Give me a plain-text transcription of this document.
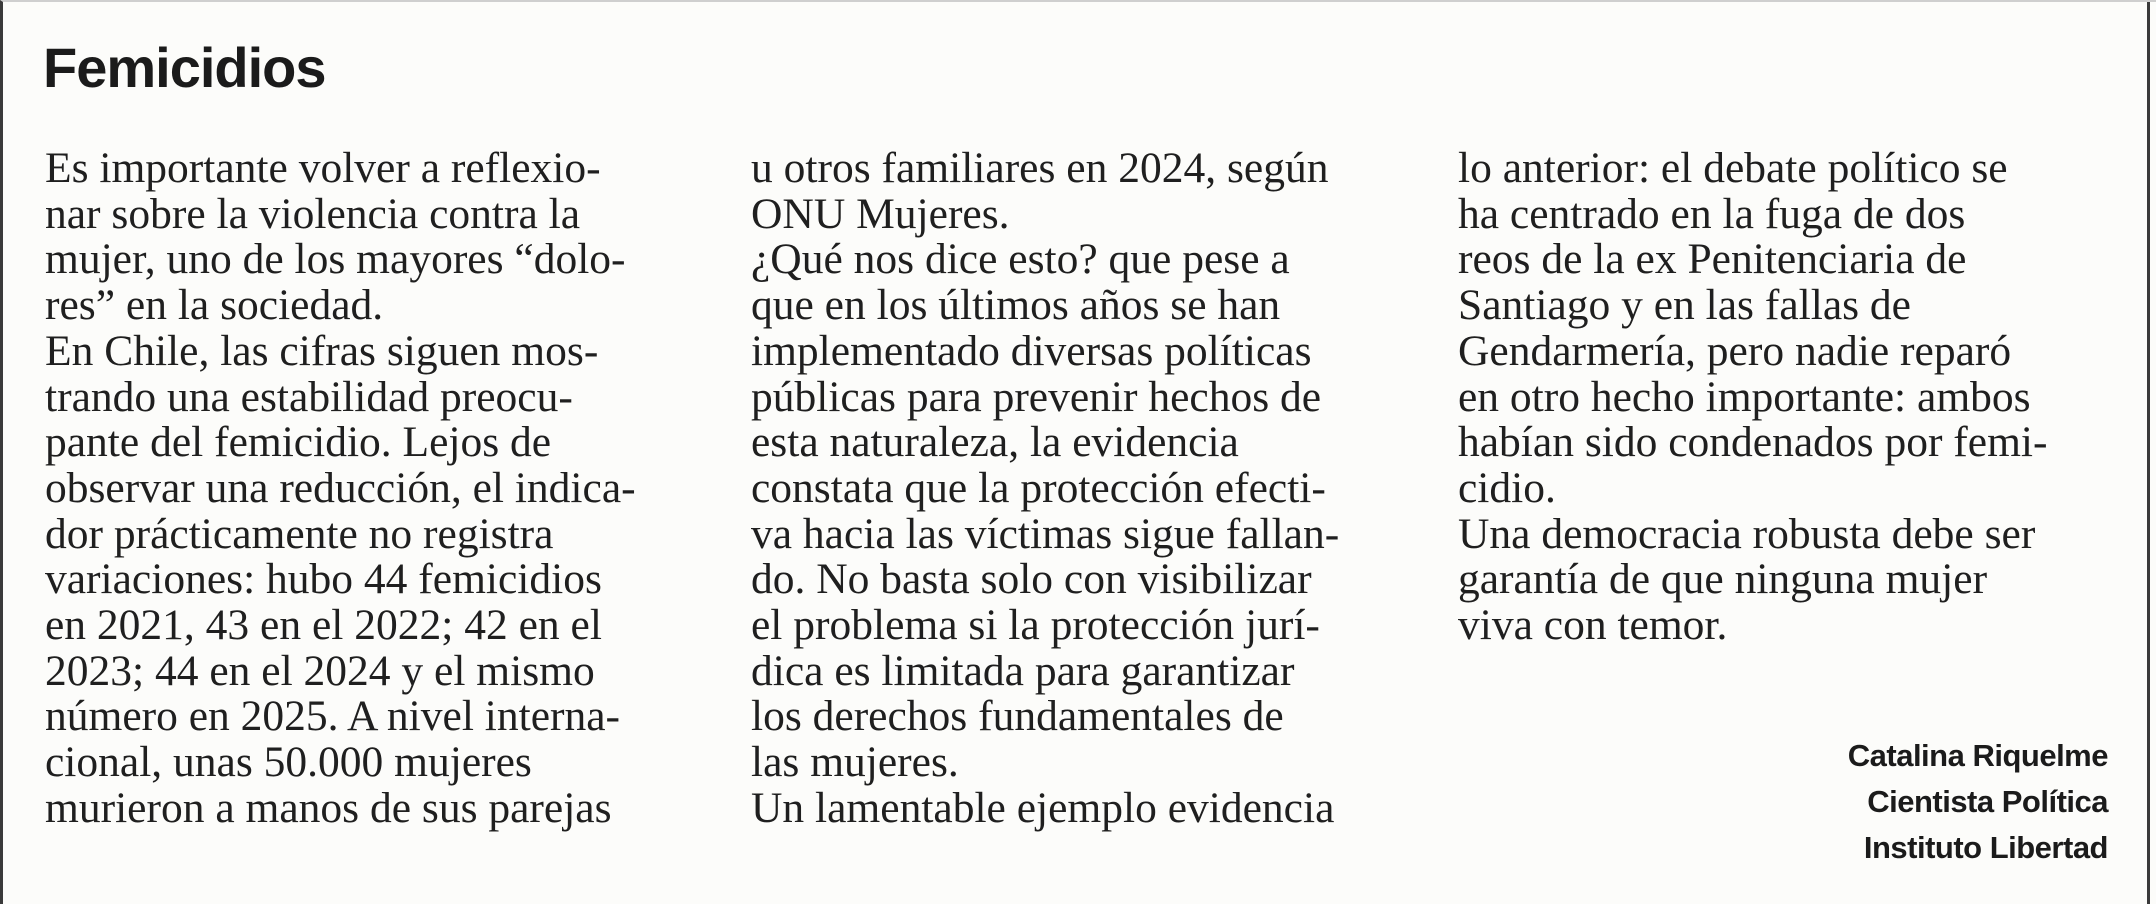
Femicidios
Es importante volver a reflexio-
nar sobre la violencia contra la
mujer, uno de los mayores “dolo-
res” en la sociedad.
En Chile, las cifras siguen mos-
trando una estabilidad preocu-
pante del femicidio. Lejos de
observar una reducción, el indica-
dor prácticamente no registra
variaciones: hubo 44 femicidios
en 2021, 43 en el 2022; 42 en el
2023; 44 en el 2024 y el mismo
número en 2025. A nivel interna-
cional, unas 50.000 mujeres
murieron a manos de sus parejas
u otros familiares en 2024, según
ONU Mujeres.
¿Qué nos dice esto? que pese a
que en los últimos años se han
implementado diversas políticas
públicas para prevenir hechos de
esta naturaleza, la evidencia
constata que la protección efecti-
va hacia las víctimas sigue fallan-
do. No basta solo con visibilizar
el problema si la protección jurí-
dica es limitada para garantizar
los derechos fundamentales de
las mujeres.
Un lamentable ejemplo evidencia
lo anterior: el debate político se
ha centrado en la fuga de dos
reos de la ex Penitenciaria de
Santiago y en las fallas de
Gendarmería, pero nadie reparó
en otro hecho importante: ambos
habían sido condenados por femi-
cidio.
Una democracia robusta debe ser
garantía de que ninguna mujer
viva con temor.
Catalina Riquelme
Cientista Política
Instituto Libertad
